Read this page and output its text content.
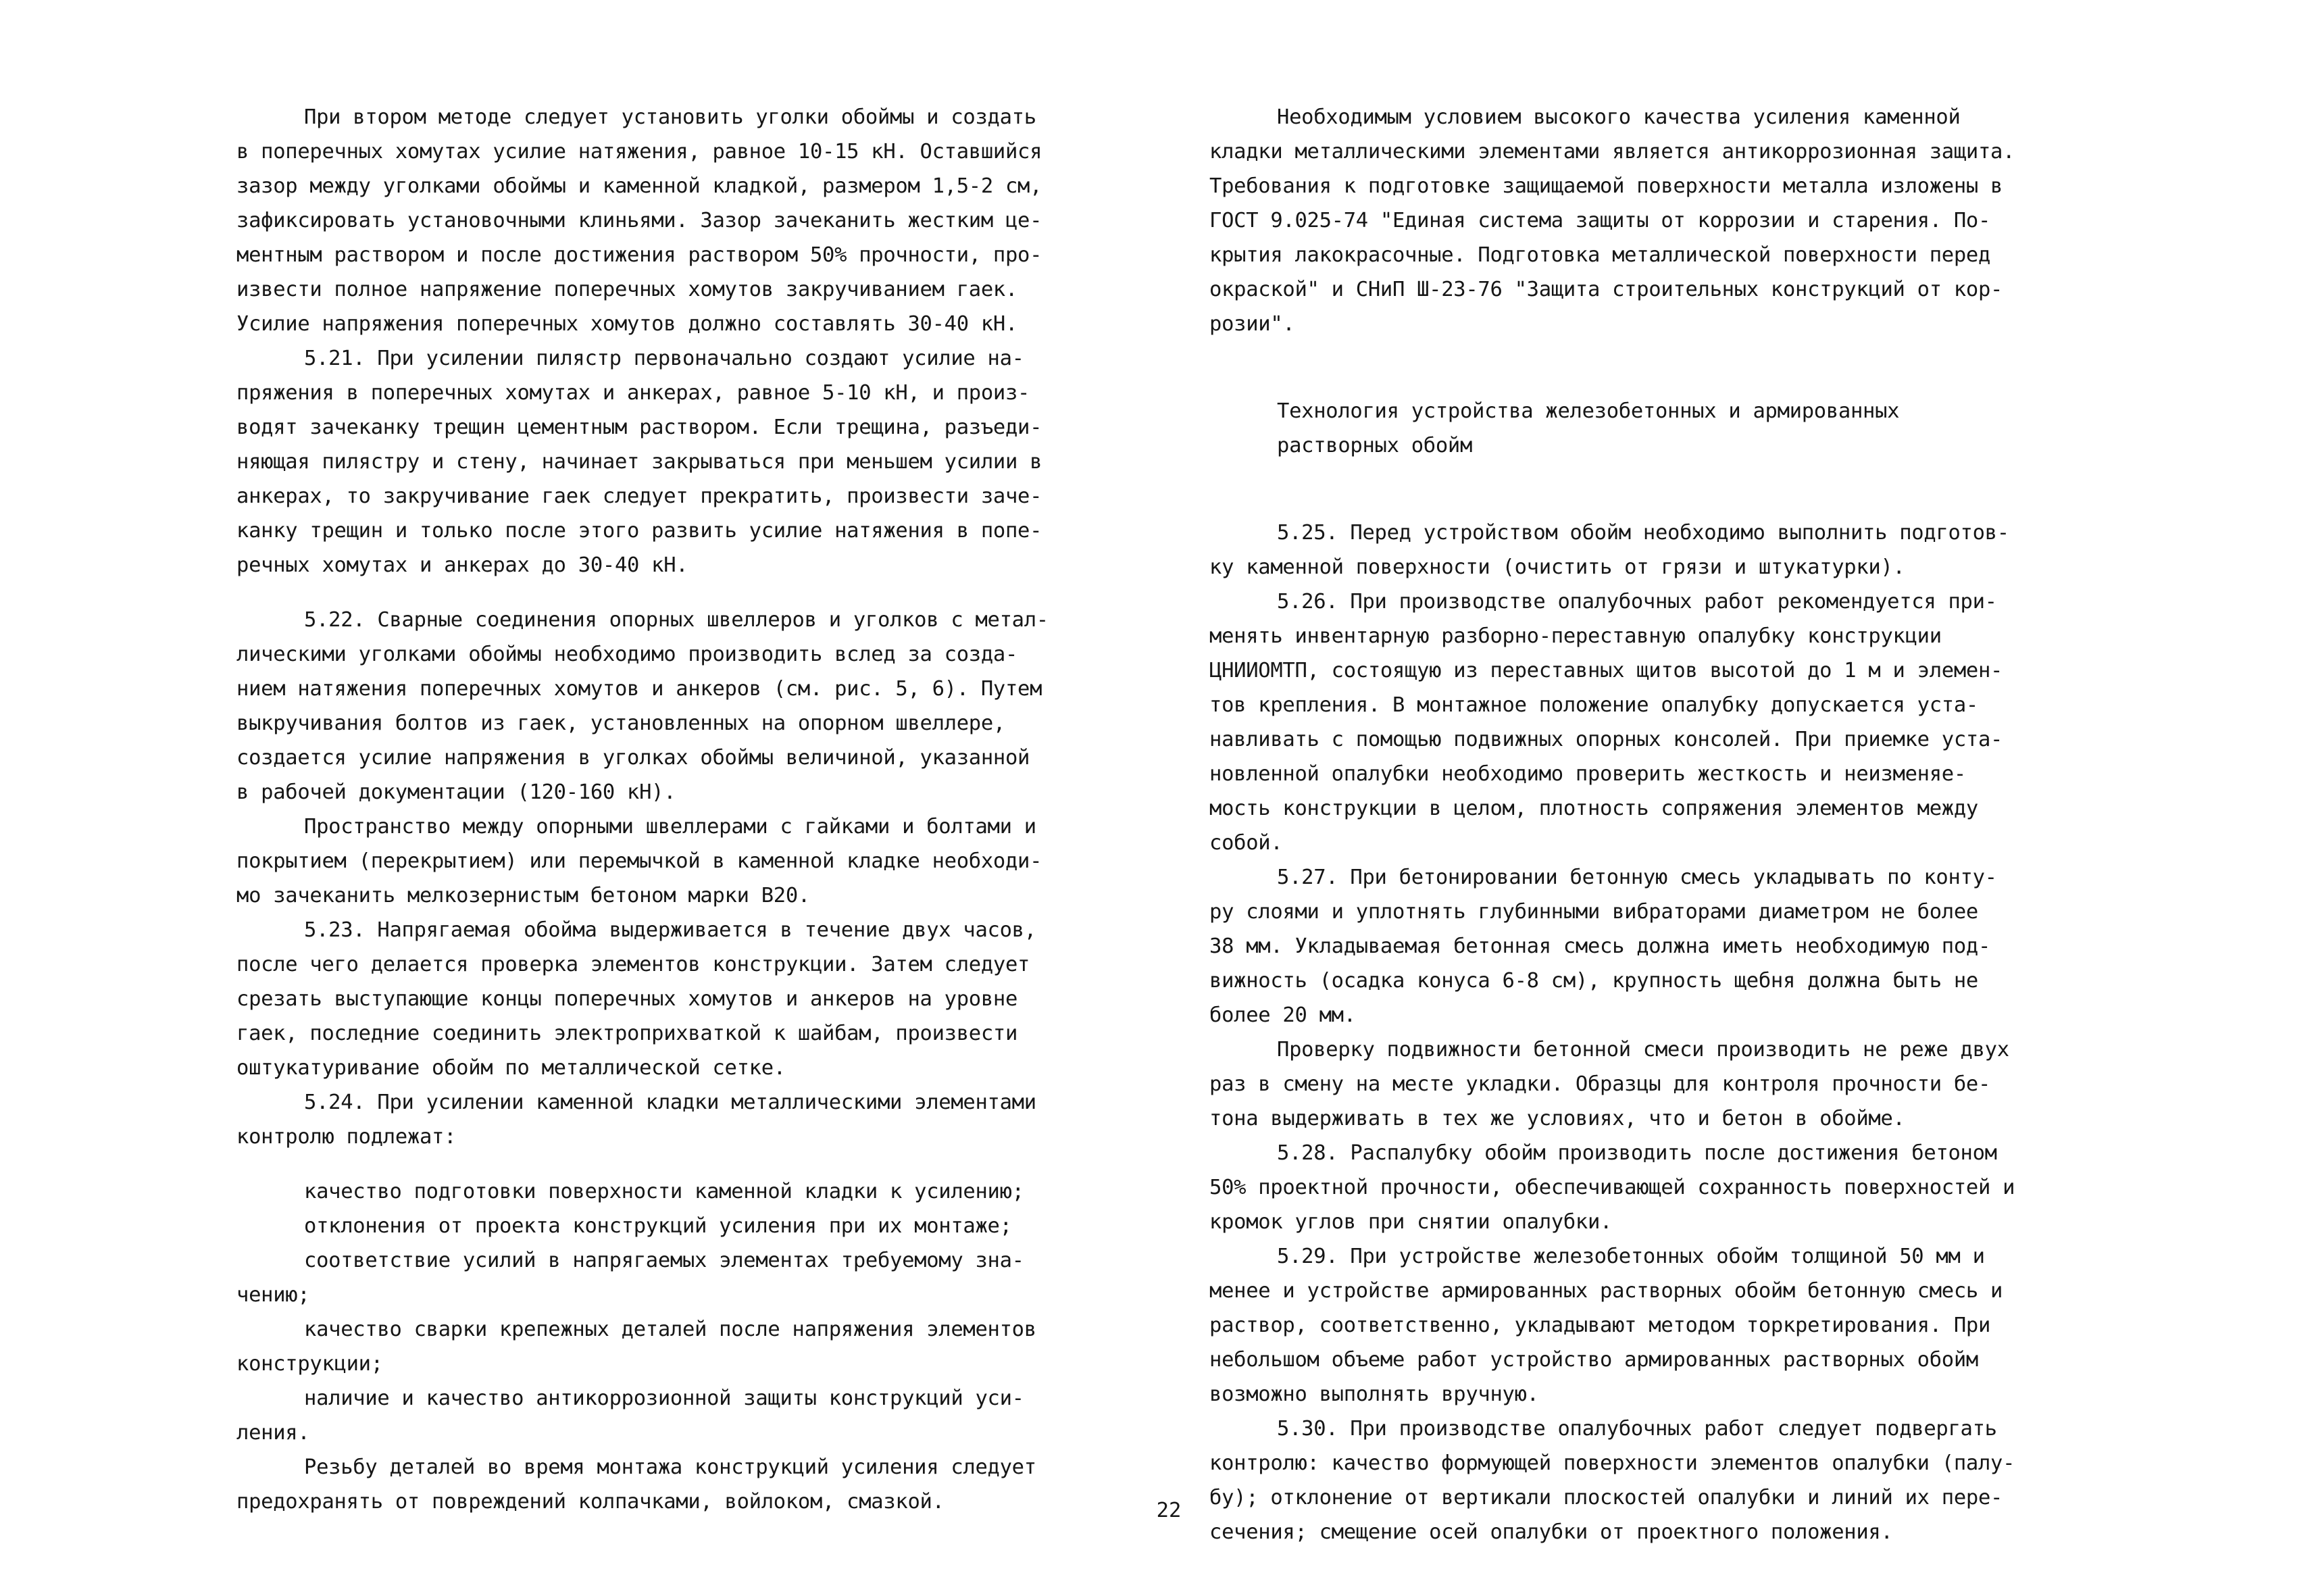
При втором методе следует установить уголки обоймы и создать
в поперечных хомутах усилие натяжения, равное 10-15 кН. Оставшийся
зазор между уголками обоймы и каменной кладкой, размером 1,5-2 см,
зафиксировать установочными клиньями. Зазор зачеканить жестким це-
ментным раствором и после достижения раствором 50% прочности, про-
извести полное напряжение поперечных хомутов закручиванием гаек.
Усилие напряжения поперечных хомутов должно составлять 30-40 кН.
5.21. При усилении пилястр первоначально создают усилие на-
пряжения в поперечных хомутах и анкерах, равное 5-10 кН, и произ-
водят зачеканку трещин цементным раствором. Если трещина, разъеди-
няющая пилястру и стену, начинает закрываться при меньшем усилии в
анкерах, то закручивание гаек следует прекратить, произвести заче-
канку трещин и только после этого развить усилие натяжения в попе-
речных хомутах и анкерах до 30-40 кН.
5.22. Сварные соединения опорных швеллеров и уголков с метал-
лическими уголками обоймы необходимо производить вслед за созда-
нием натяжения поперечных хомутов и анкеров (см. рис. 5, 6). Путем
выкручивания болтов из гаек, установленных на опорном швеллере,
создается усилие напряжения в уголках обоймы величиной, указанной
в рабочей документации (120-160 кН).
Пространство между опорными швеллерами с гайками и болтами и
покрытием (перекрытием) или перемычкой в каменной кладке необходи-
мо зачеканить мелкозернистым бетоном марки В20.
5.23. Напрягаемая обойма выдерживается в течение двух часов,
после чего делается проверка элементов конструкции. Затем следует
срезать выступающие концы поперечных хомутов и анкеров на уровне
гаек, последние соединить электроприхваткой к шайбам, произвести
оштукатуривание обойм по металлической сетке.
5.24. При усилении каменной кладки металлическими элементами
контролю подлежат:
качество подготовки поверхности каменной кладки к усилению;
отклонения от проекта конструкций усиления при их монтаже;
соответствие усилий в напрягаемых элементах требуемому зна-
чению;
качество сварки крепежных деталей после напряжения элементов
конструкции;
наличие и качество антикоррозионной защиты конструкций уси-
ления.
Резьбу деталей во время монтажа конструкций усиления следует
предохранять от повреждений колпачками, войлоком, смазкой.
Необходимым условием высокого качества усиления каменной
кладки металлическими элементами является антикоррозионная защита.
Требования к подготовке защищаемой поверхности металла изложены в
ГОСТ 9.025-74 "Единая система защиты от коррозии и старения. По-
крытия лакокрасочные. Подготовка металлической поверхности перед
окраской" и СНиП Ш-23-76 "Защита строительных конструкций от кор-
розии".
Технология устройства железобетонных и армированных
растворных обойм
5.25. Перед устройством обойм необходимо выполнить подготов-
ку каменной поверхности (очистить от грязи и штукатурки).
5.26. При производстве опалубочных работ рекомендуется при-
менять инвентарную разборно-переставную опалубку конструкции
ЦНИИОМТП, состоящую из переставных щитов высотой до 1 м и элемен-
тов крепления. В монтажное положение опалубку допускается уста-
навливать с помощью подвижных опорных консолей. При приемке уста-
новленной опалубки необходимо проверить жесткость и неизменяе-
мость конструкции в целом, плотность сопряжения элементов между
собой.
5.27. При бетонировании бетонную смесь укладывать по конту-
ру слоями и уплотнять глубинными вибраторами диаметром не более
38 мм. Укладываемая бетонная смесь должна иметь необходимую под-
вижность (осадка конуса 6-8 см), крупность щебня должна быть не
более 20 мм.
Проверку подвижности бетонной смеси производить не реже двух
раз в смену на месте укладки. Образцы для контроля прочности бе-
тона выдерживать в тех же условиях, что и бетон в обойме.
5.28. Распалубку обойм производить после достижения бетоном
50% проектной прочности, обеспечивающей сохранность поверхностей и
кромок углов при снятии опалубки.
5.29. При устройстве железобетонных обойм толщиной 50 мм и
менее и устройстве армированных растворных обойм бетонную смесь и
раствор, соответственно, укладывают методом торкретирования. При
небольшом объеме работ устройство армированных растворных обойм
возможно выполнять вручную.
5.30. При производстве опалубочных работ следует подвергать
контролю: качество формующей поверхности элементов опалубки (палу-
бу); отклонение от вертикали плоскостей опалубки и линий их пере-
сечения; смещение осей опалубки от проектного положения.
22
